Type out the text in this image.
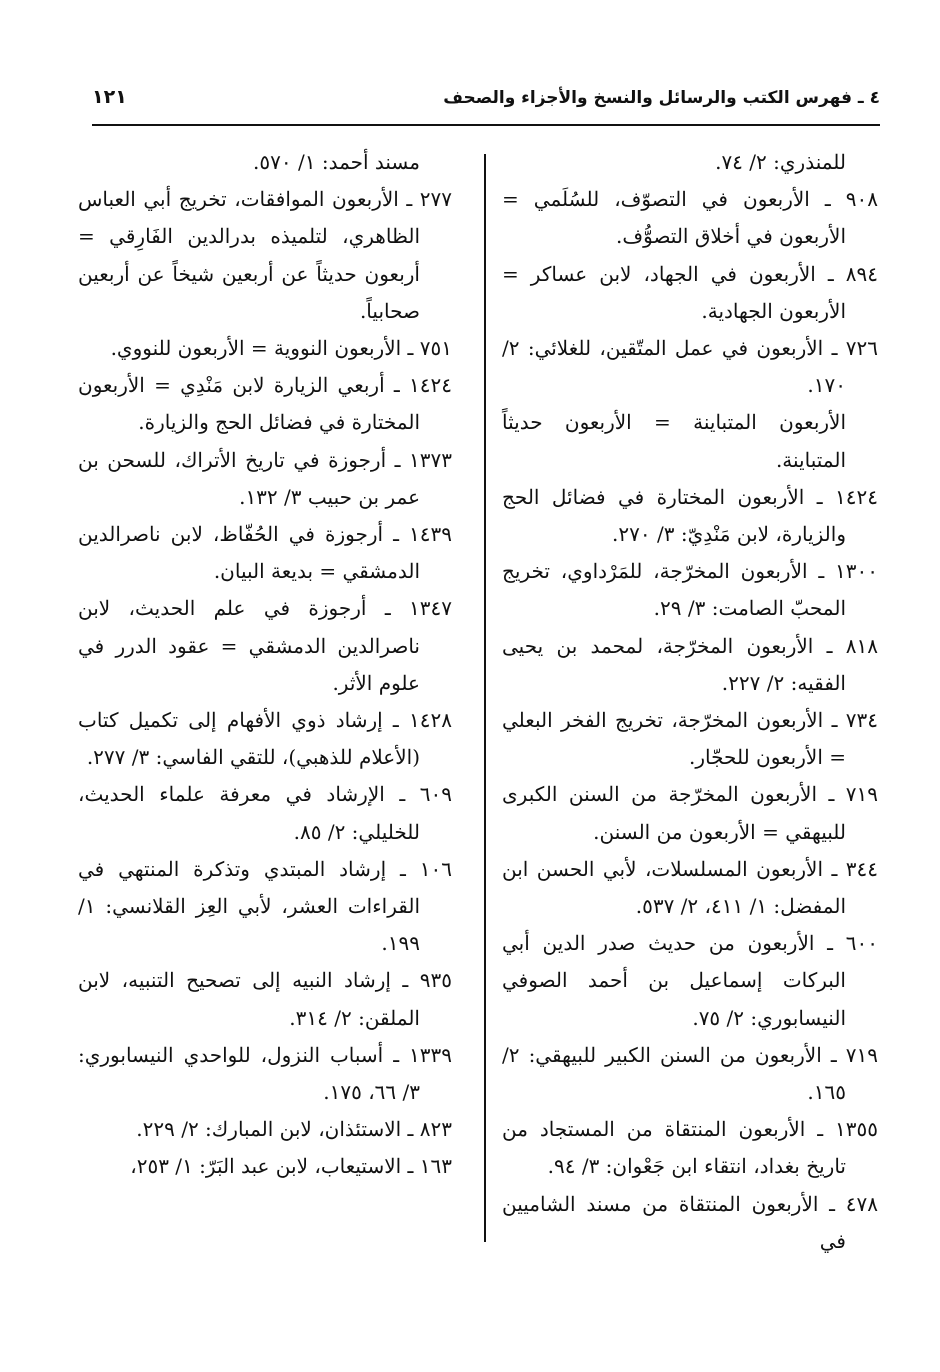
٤ ـ فهرس الكتب والرسائل والنسخ والأجزاء والصحف
١٢١

للمنذري: ٢/ ٧٤.

٩٠٨ ـ الأربعون في التصوّف، للسُلَمي = الأربعون في أخلاق التصوُّف.

٨٩٤ ـ الأربعون في الجهاد، لابن عساكر = الأربعون الجهادية.

٧٢٦ ـ الأربعون في عمل المتّقين، للغلائي: ٢/ ١٧٠.

الأربعون المتباينة = الأربعون حديثاً المتباينة.

١٤٢٤ ـ الأربعون المختارة في فضائل الحج والزيارة، لابن مَنْدِيّ: ٣/ ٢٧٠.

١٣٠٠ ـ الأربعون المخرّجة، للمَرْداوي، تخريج المحبّ الصامت: ٣/ ٢٩.

٨١٨ ـ الأربعون المخرّجة، لمحمد بن يحيى الفقيه: ٢/ ٢٢٧.

٧٣٤ ـ الأربعون المخرّجة، تخريج الفخر البعلي = الأربعون للحجّار.

٧١٩ ـ الأربعون المخرّجة من السنن الكبرى للبيهقي = الأربعون من السنن.

٣٤٤ ـ الأربعون المسلسلات، لأبي الحسن ابن المفضل: ١/ ٤١١، ٢/ ٥٣٧.

٦٠٠ ـ الأربعون من حديث صدر الدين أبي البركات إسماعيل بن أحمد الصوفي النيسابوري: ٢/ ٧٥.

٧١٩ ـ الأربعون من السنن الكبير للبيهقي: ٢/ ١٦٥.

١٣٥٥ ـ الأربعون المنتقاة من المستجاد من تاريخ بغداد، انتقاء ابن جَعْوان: ٣/ ٩٤.

٤٧٨ ـ الأربعون المنتقاة من مسند الشاميين في

مسند أحمد: ١/ ٥٧٠.

٢٧٧ ـ الأربعون الموافقات، تخريج أبي العباس الظاهري، لتلميذه بدرالدين الفَارِقي = أربعون حديثاً عن أربعين شيخاً عن أربعين صحابياً.

٧٥١ ـ الأربعون النووية = الأربعون للنووي.

١٤٢٤ ـ أربعي الزيارة لابن مَنْدِي = الأربعون المختارة في فضائل الحج والزيارة.

١٣٧٣ ـ أرجوزة في تاريخ الأتراك، للسحن بن عمر بن حبيب ٣/ ١٣٢.

١٤٣٩ ـ أرجوزة في الحُفّاظ، لابن ناصرالدين الدمشقي = بديعة البيان.

١٣٤٧ ـ أرجوزة في علم الحديث، لابن ناصرالدين الدمشقي = عقود الدرر في علوم الأثر.

١٤٢٨ ـ إرشاد ذوي الأفهام إلى تكميل كتاب (الأعلام للذهبي)، للتقي الفاسي: ٣/ ٢٧٧.

٦٠٩ ـ الإرشاد في معرفة علماء الحديث، للخليلي: ٢/ ٨٥.

١٠٦ ـ إرشاد المبتدي وتذكرة المنتهي في القراءات العشر، لأبي العِز القلانسي: ١/ ١٩٩.

٩٣٥ ـ إرشاد النبيه إلى تصحيح التنبيه، لابن الملقن: ٢/ ٣١٤.

١٣٣٩ ـ أسباب النزول، للواحدي النيسابوري: ٣/ ٦٦، ١٧٥.

٨٢٣ ـ الاستئذان، لابن المبارك: ٢/ ٢٢٩.

١٦٣ ـ الاستيعاب، لابن عبد البَرّ: ١/ ٢٥٣،
